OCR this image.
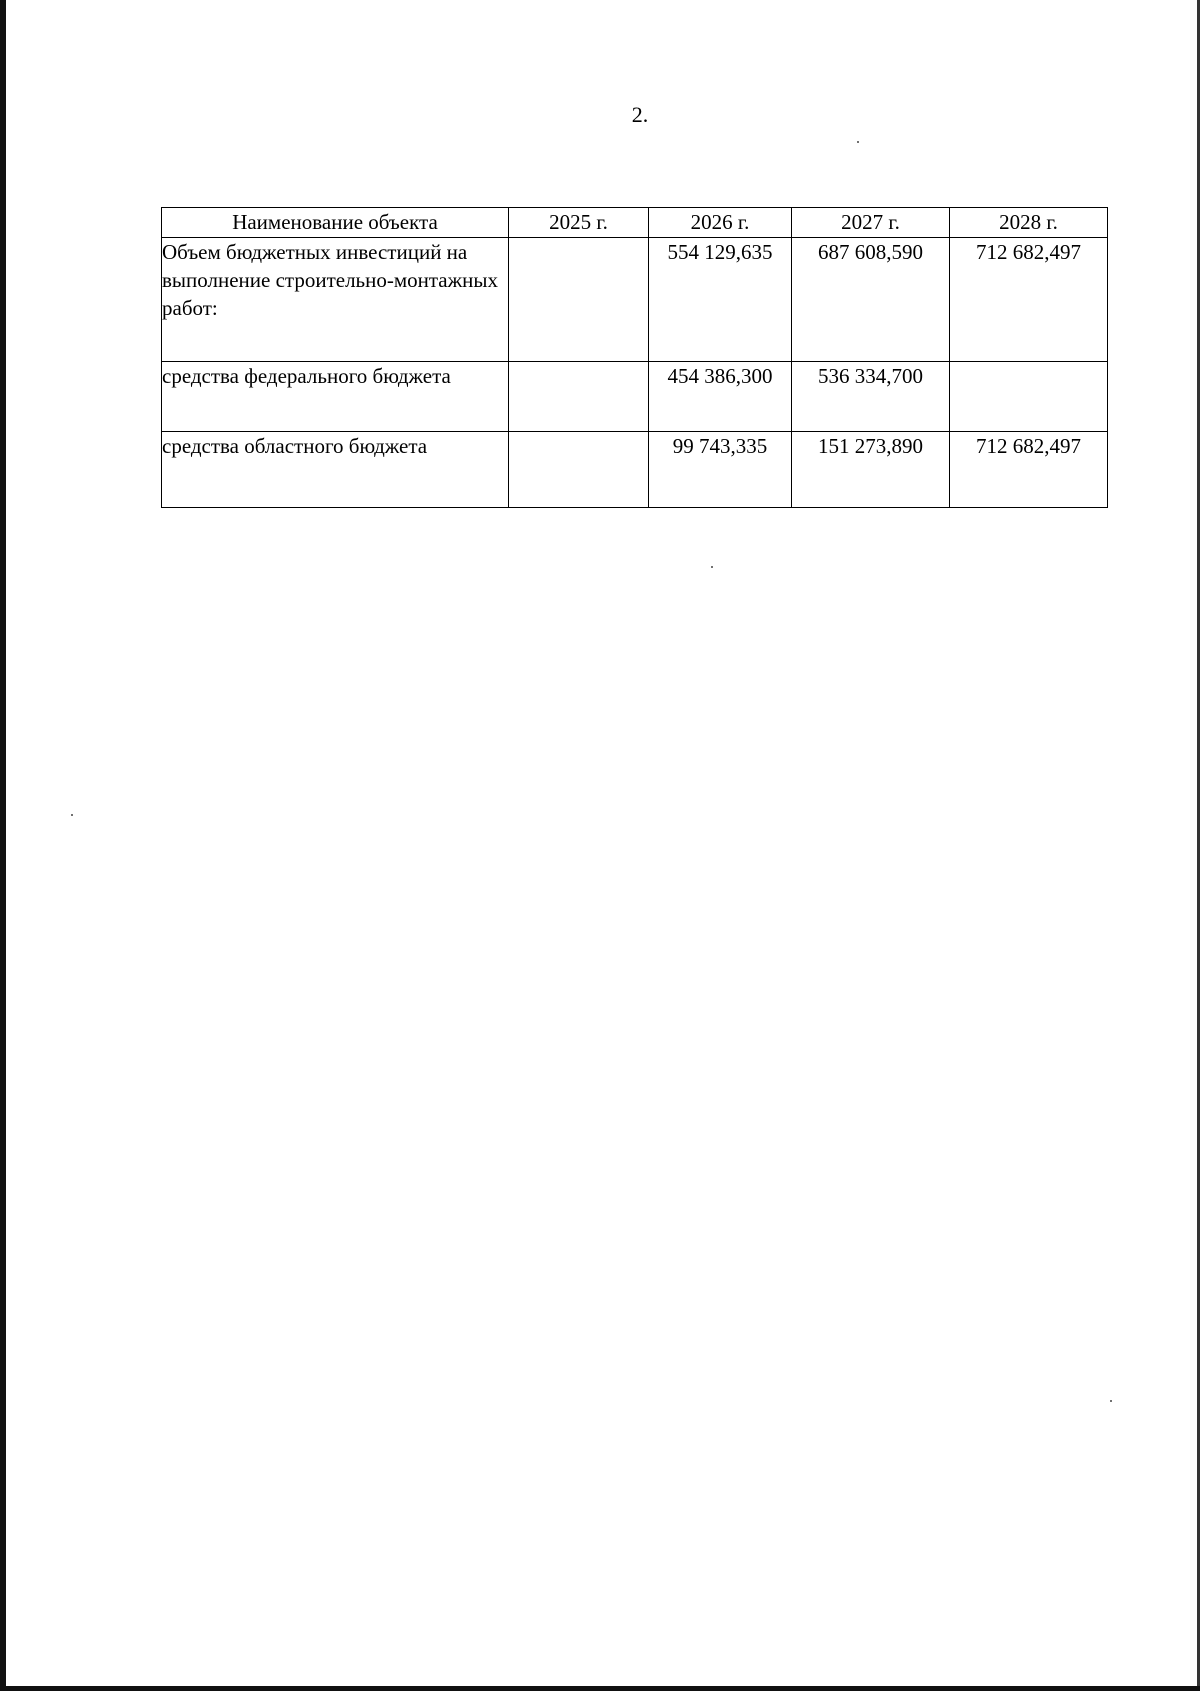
2.
Наименование объекта	2025 г.	2026 г.	2027 г.	2028 г.
Объем бюджетных инвестиций на выполнение строительно-монтажных работ:		554 129,635	687 608,590	712 682,497
средства федерального бюджета		454 386,300	536 334,700	
средства областного бюджета		99 743,335	151 273,890	712 682,497
